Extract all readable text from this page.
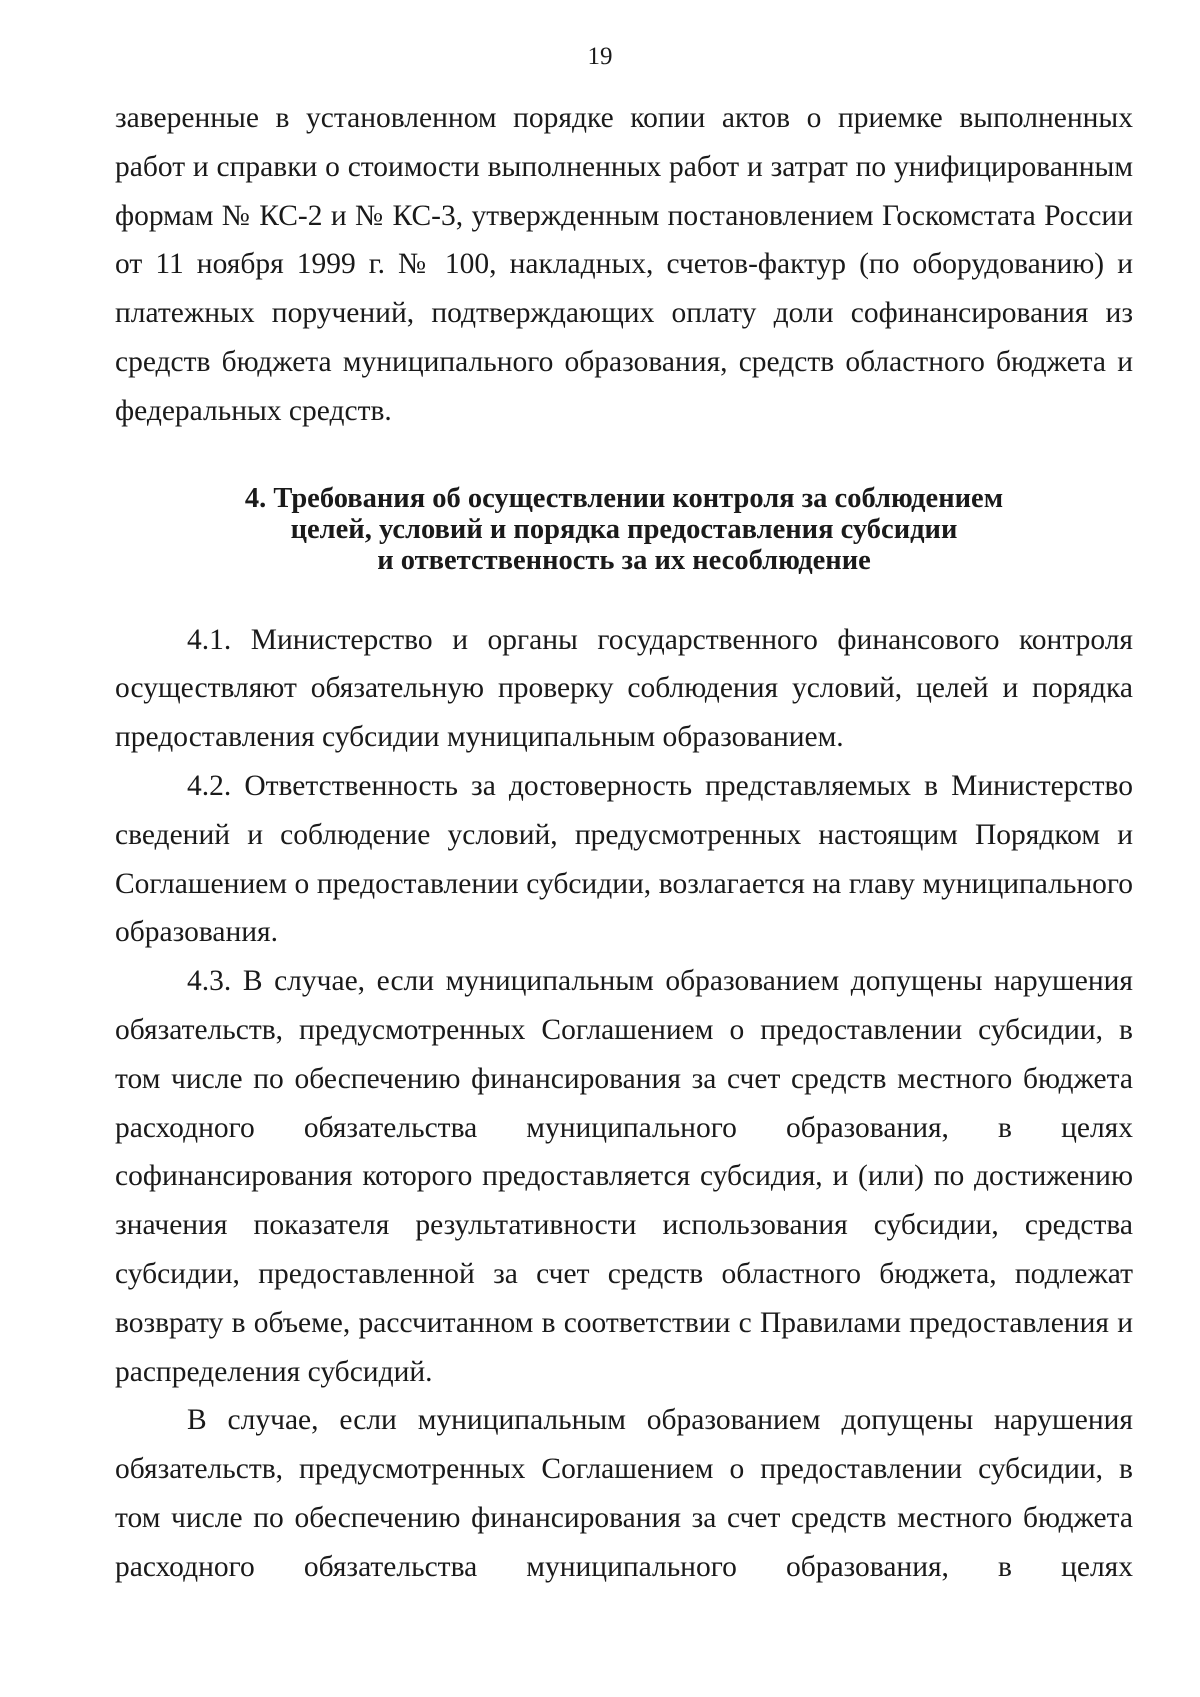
19

заверенные в установленном порядке копии актов о приемке выполненных работ и справки о стоимости выполненных работ и затрат по унифицированным формам № КС-2 и № КС-3, утвержденным постановлением Госкомстата России от 11 ноября 1999 г. № 100, накладных, счетов-фактур (по оборудованию) и платежных поручений, подтверждающих оплату доли софинансирования из средств бюджета муниципального образования, средств областного бюджета и федеральных средств.

4. Требования об осуществлении контроля за соблюдением
целей, условий и порядка предоставления субсидии
и ответственность за их несоблюдение

4.1. Министерство и органы государственного финансового контроля осуществляют обязательную проверку соблюдения условий, целей и порядка предоставления субсидии муниципальным образованием.

4.2. Ответственность за достоверность представляемых в Министерство сведений и соблюдение условий, предусмотренных настоящим Порядком и Соглашением о предоставлении субсидии, возлагается на главу муниципального образования.

4.3. В случае, если муниципальным образованием допущены нарушения обязательств, предусмотренных Соглашением о предоставлении субсидии, в том числе по обеспечению финансирования за счет средств местного бюджета расходного обязательства муниципального образования, в целях софинансирования которого предоставляется субсидия, и (или) по достижению значения показателя результативности использования субсидии, средства субсидии, предоставленной за счет средств областного бюджета, подлежат возврату в объеме, рассчитанном в соответствии с Правилами предоставления и распределения субсидий.

В случае, если муниципальным образованием допущены нарушения обязательств, предусмотренных Соглашением о предоставлении субсидии, в том числе по обеспечению финансирования за счет средств местного бюджета расходного обязательства муниципального образования, в целях
